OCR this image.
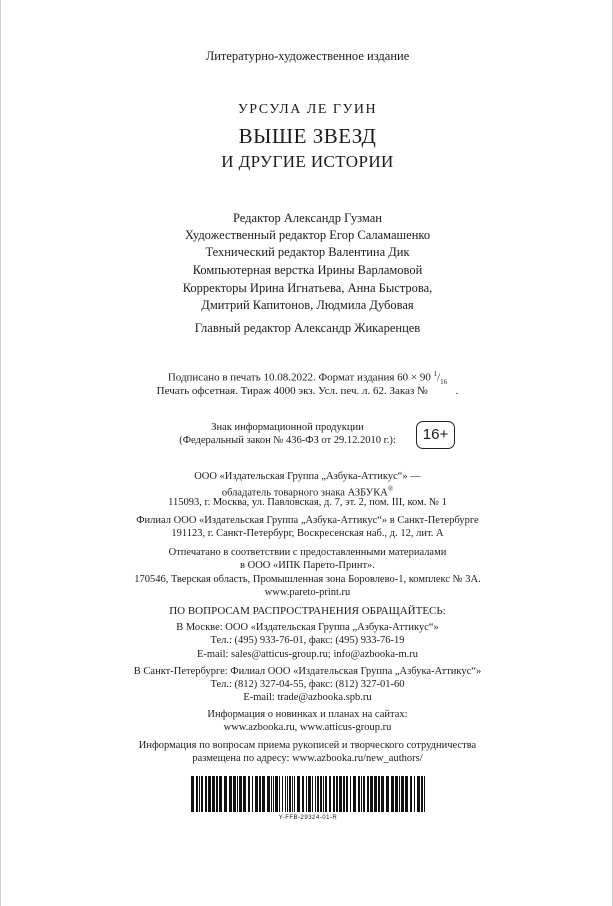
Литературно-художественное издание
УРСУЛА ЛЕ ГУИН
ВЫШЕ ЗВЕЗД
И ДРУГИЕ ИСТОРИИ
Редактор Александр Гузман
Художественный редактор Егор Саламашенко
Технический редактор Валентина Дик
Компьютерная верстка Ирины Варламовой
Корректоры Ирина Игнатьева, Анна Быстрова,
Дмитрий Капитонов, Людмила Дубовая
Главный редактор Александр Жикаренцев
Подписано в печать 10.08.2022. Формат издания 60 × 90 $^1/_{16}$
Печать офсетная. Тираж 4000 экз. Усл. печ. л. 62. Заказ №	.
Знак информационной продукции
(Федеральный закон № 436-ФЗ от 29.12.2010 г.):	16+
ООО «Издательская Группа „Азбука-Аттикус“» —
обладатель товарного знака АЗБУКА®
115093, г. Москва, ул. Павловская, д. 7, эт. 2, пом. III, ком. № 1
Филиал ООО «Издательская Группа „Азбука-Аттикус“» в Санкт-Петербурге
191123, г. Санкт-Петербург, Воскресенская наб., д. 12, лит. А
Отпечатано в соответствии с предоставленными материалами
в ООО «ИПК Парето-Принт».
170546, Тверская область, Промышленная зона Боровлево-1, комплекс № 3А.
www.pareto-print.ru
ПО ВОПРОСАМ РАСПРОСТРАНЕНИЯ ОБРАЩАЙТЕСЬ:
В Москве: ООО «Издательская Группа „Азбука-Аттикус“»
Тел.: (495) 933-76-01, факс: (495) 933-76-19
E-mail: sales@atticus-group.ru; info@azbooka-m.ru
В Санкт-Петербурге: Филиал ООО «Издательская Группа „Азбука-Аттикус“»
Тел.: (812) 327-04-55, факс: (812) 327-01-60
E-mail: trade@azbooka.spb.ru
Информация о новинках и планах на сайтах:
www.azbooka.ru, www.atticus-group.ru
Информация по вопросам приема рукописей и творческого сотрудничества
размещена по адресу: www.azbooka.ru/new_authors/
Y-FFB-29324-01-R
